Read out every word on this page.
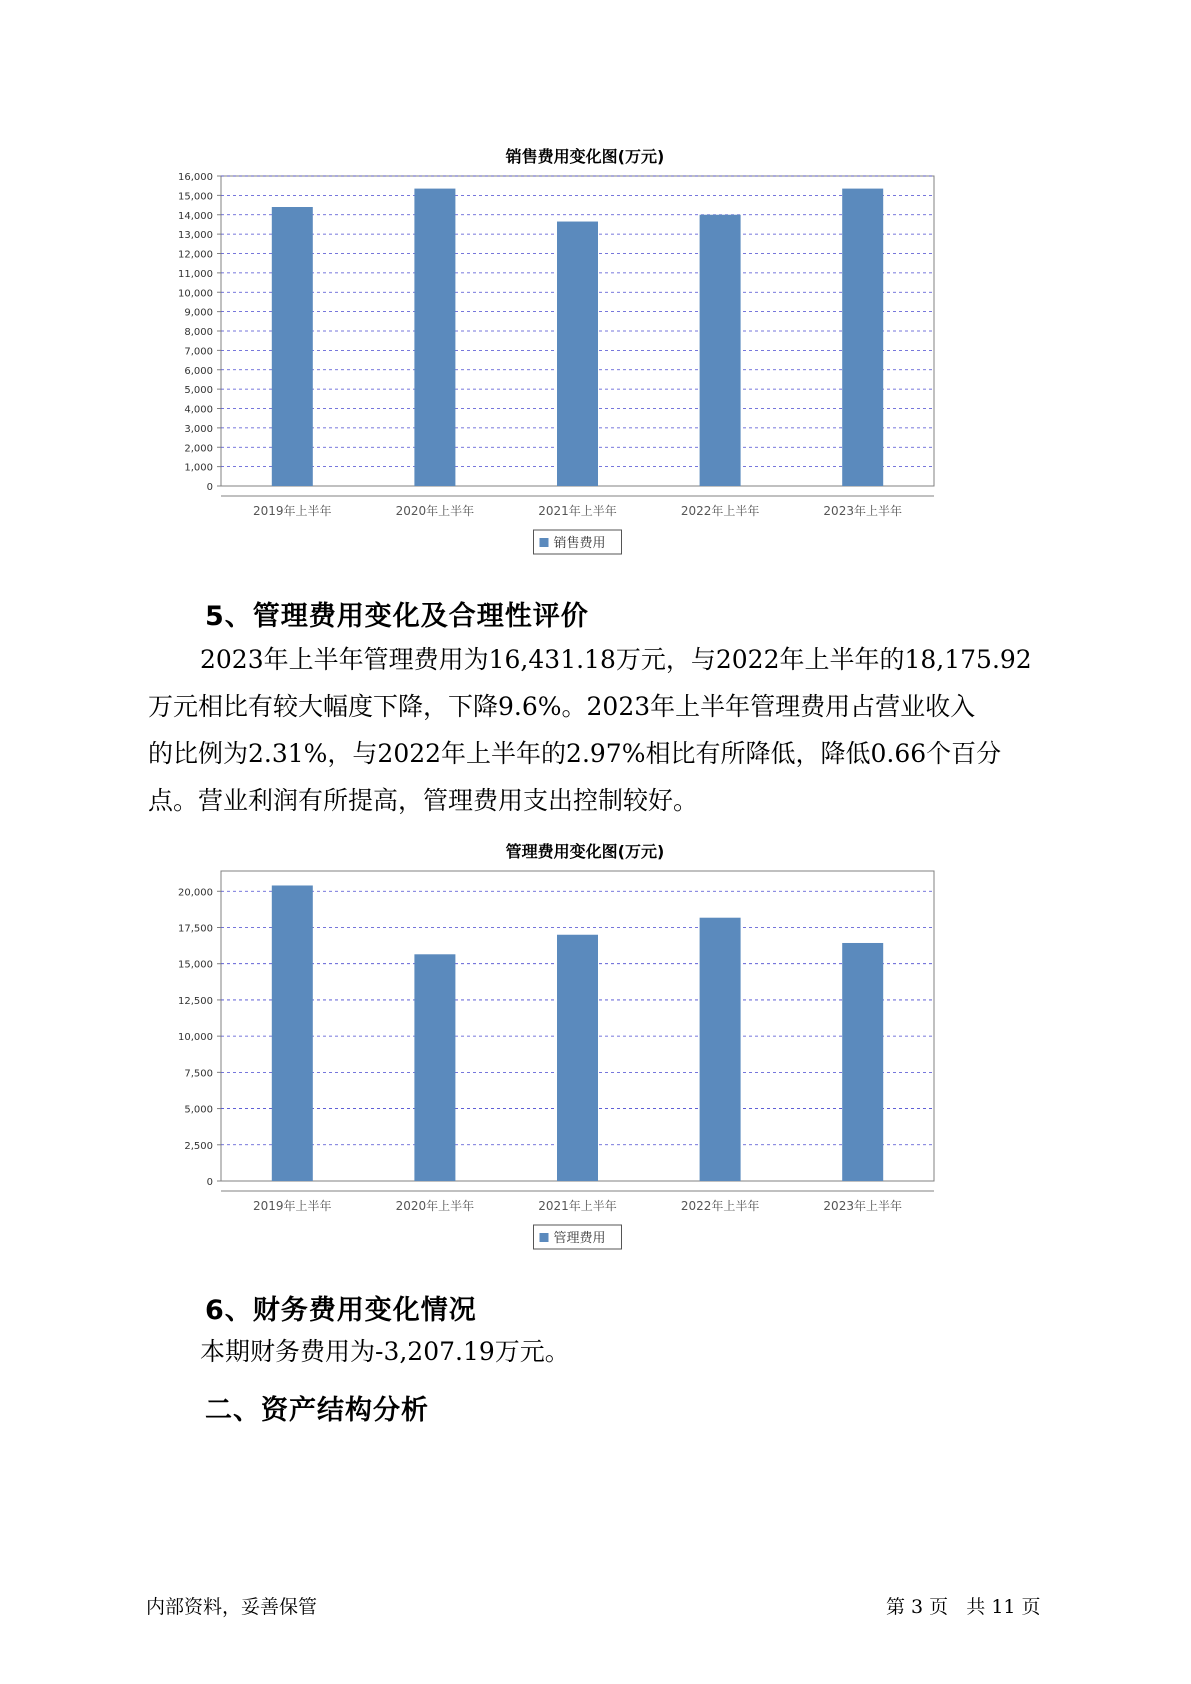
销售费用变化图(万元)
0
1,000
2,000
3,000
4,000
5,000
6,000
7,000
8,000
9,000
10,000
11,000
12,000
13,000
14,000
15,000
16,000
2019年上半年	2020年上半年	2021年上半年	2022年上半年	2023年上半年
销售费用
5、管理费用变化及合理性评价
2023年上半年管理费用为16,431.18万元，与2022年上半年的18,175.92
万元相比有较大幅度下降，下降9.6%。2023年上半年管理费用占营业收入
的比例为2.31%，与2022年上半年的2.97%相比有所降低，降低0.66个百分
点。营业利润有所提高，管理费用支出控制较好。
管理费用变化图(万元)
0
2,500
5,000
7,500
10,000
12,500
15,000
17,500
20,000
2019年上半年	2020年上半年	2021年上半年	2022年上半年	2023年上半年
管理费用
6、财务费用变化情况
本期财务费用为-3,207.19万元。
二、资产结构分析
内部资料，妥善保管	第 3 页   共 11 页
